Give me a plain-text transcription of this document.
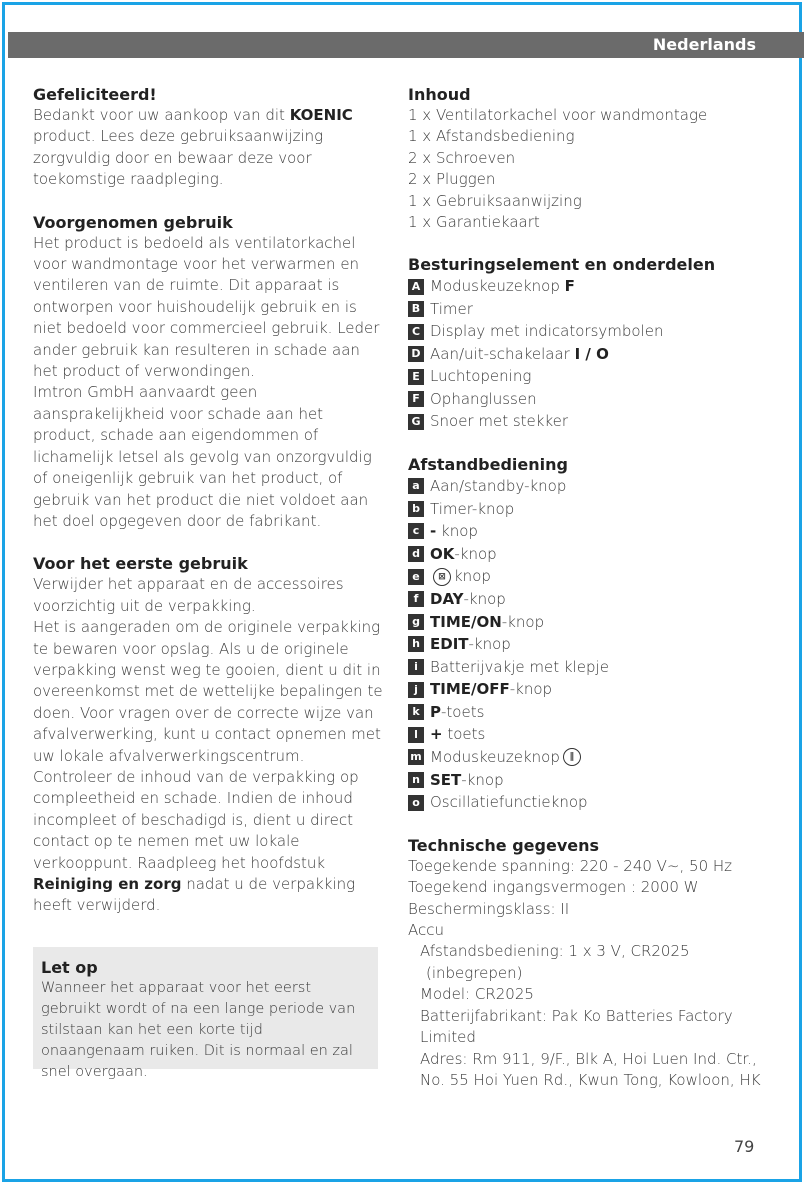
Nederlands
Gefeliciteerd!

Bedankt voor uw aankoop van dit KOENIC product. Lees deze gebruiksaanwijzing zorgvuldig door en bewaar deze voor toekomstige raadpleging.

Voorgenomen gebruik

Het product is bedoeld als ventilatorkachel voor wandmontage voor het verwarmen en ventileren van de ruimte. Dit apparaat is ontworpen voor huishoudelijk gebruik en is niet bedoeld voor commercieel gebruik. Leder ander gebruik kan resulteren in schade aan het product of verwondingen.

Imtron GmbH aanvaardt geen aansprakelijkheid voor schade aan het product, schade aan eigendommen of lichamelijk letsel als gevolg van onzorgvuldig of oneigenlijk gebruik van het product, of gebruik van het product die niet voldoet aan het doel opgegeven door de fabrikant.

Voor het eerste gebruik

Verwijder het apparaat en de accessoires voorzichtig uit de verpakking.

Het is aangeraden om de originele verpakking te bewaren voor opslag. Als u de originele verpakking wenst weg te gooien, dient u dit in overeenkomst met de wettelijke bepalingen te doen. Voor vragen over de correcte wijze van afvalverwerking, kunt u contact opnemen met uw lokale afvalverwerkingscentrum.

Controleer de inhoud van de verpakking op compleetheid en schade. Indien de inhoud incompleet of beschadigd is, dient u direct contact op te nemen met uw lokale verkooppunt. Raadpleeg het hoofdstuk Reiniging en zorg nadat u de verpakking heeft verwijderd.

Let op

Wanneer het apparaat voor het eerst gebruikt wordt of na een lange periode van stilstaan kan het een korte tijd onaangenaam ruiken. Dit is normaal en zal snel overgaan.

Inhoud
1 x Ventilatorkachel voor wandmontage
1 x Afstandsbediening
2 x Schroeven
2 x Pluggen
1 x Gebruiksaanwijzing
1 x Garantiekaart
Besturingselement en onderdelen
A Moduskeuzeknop F
B Timer
C Display met indicatorsymbolen
D Aan/uit-schakelaar I / O
E Luchtopening
F Ophanglussen
G Snoer met stekker
Afstandbediening
a Aan/standby-knop
b Timer-knop
c - knop
d OK -knop
e	⊠ knop
f DAY -knop
g TIME/ON -knop
h EDIT -knop
i Batterijvakje met klepje
j TIME/OFF -knop
k P -toets
l + toets
m Moduskeuzeknop	∥
n SET -knop
o Oscillatiefunctieknop
Technische gegevens

Toegekende spanning: 220 - 240 V~, 50 Hz

Toegekend ingangsvermogen : 2000 W

Beschermingsklass: II

Accu

Afstandsbediening: 1 x 3 V, CR2025

(inbegrepen)

Model: CR2025

Batterijfabrikant: Pak Ko Batteries Factory

Limited

Adres: Rm 911, 9/F., Blk A, Hoi Luen Ind. Ctr.,

No. 55 Hoi Yuen Rd., Kwun Tong, Kowloon, HK

79
